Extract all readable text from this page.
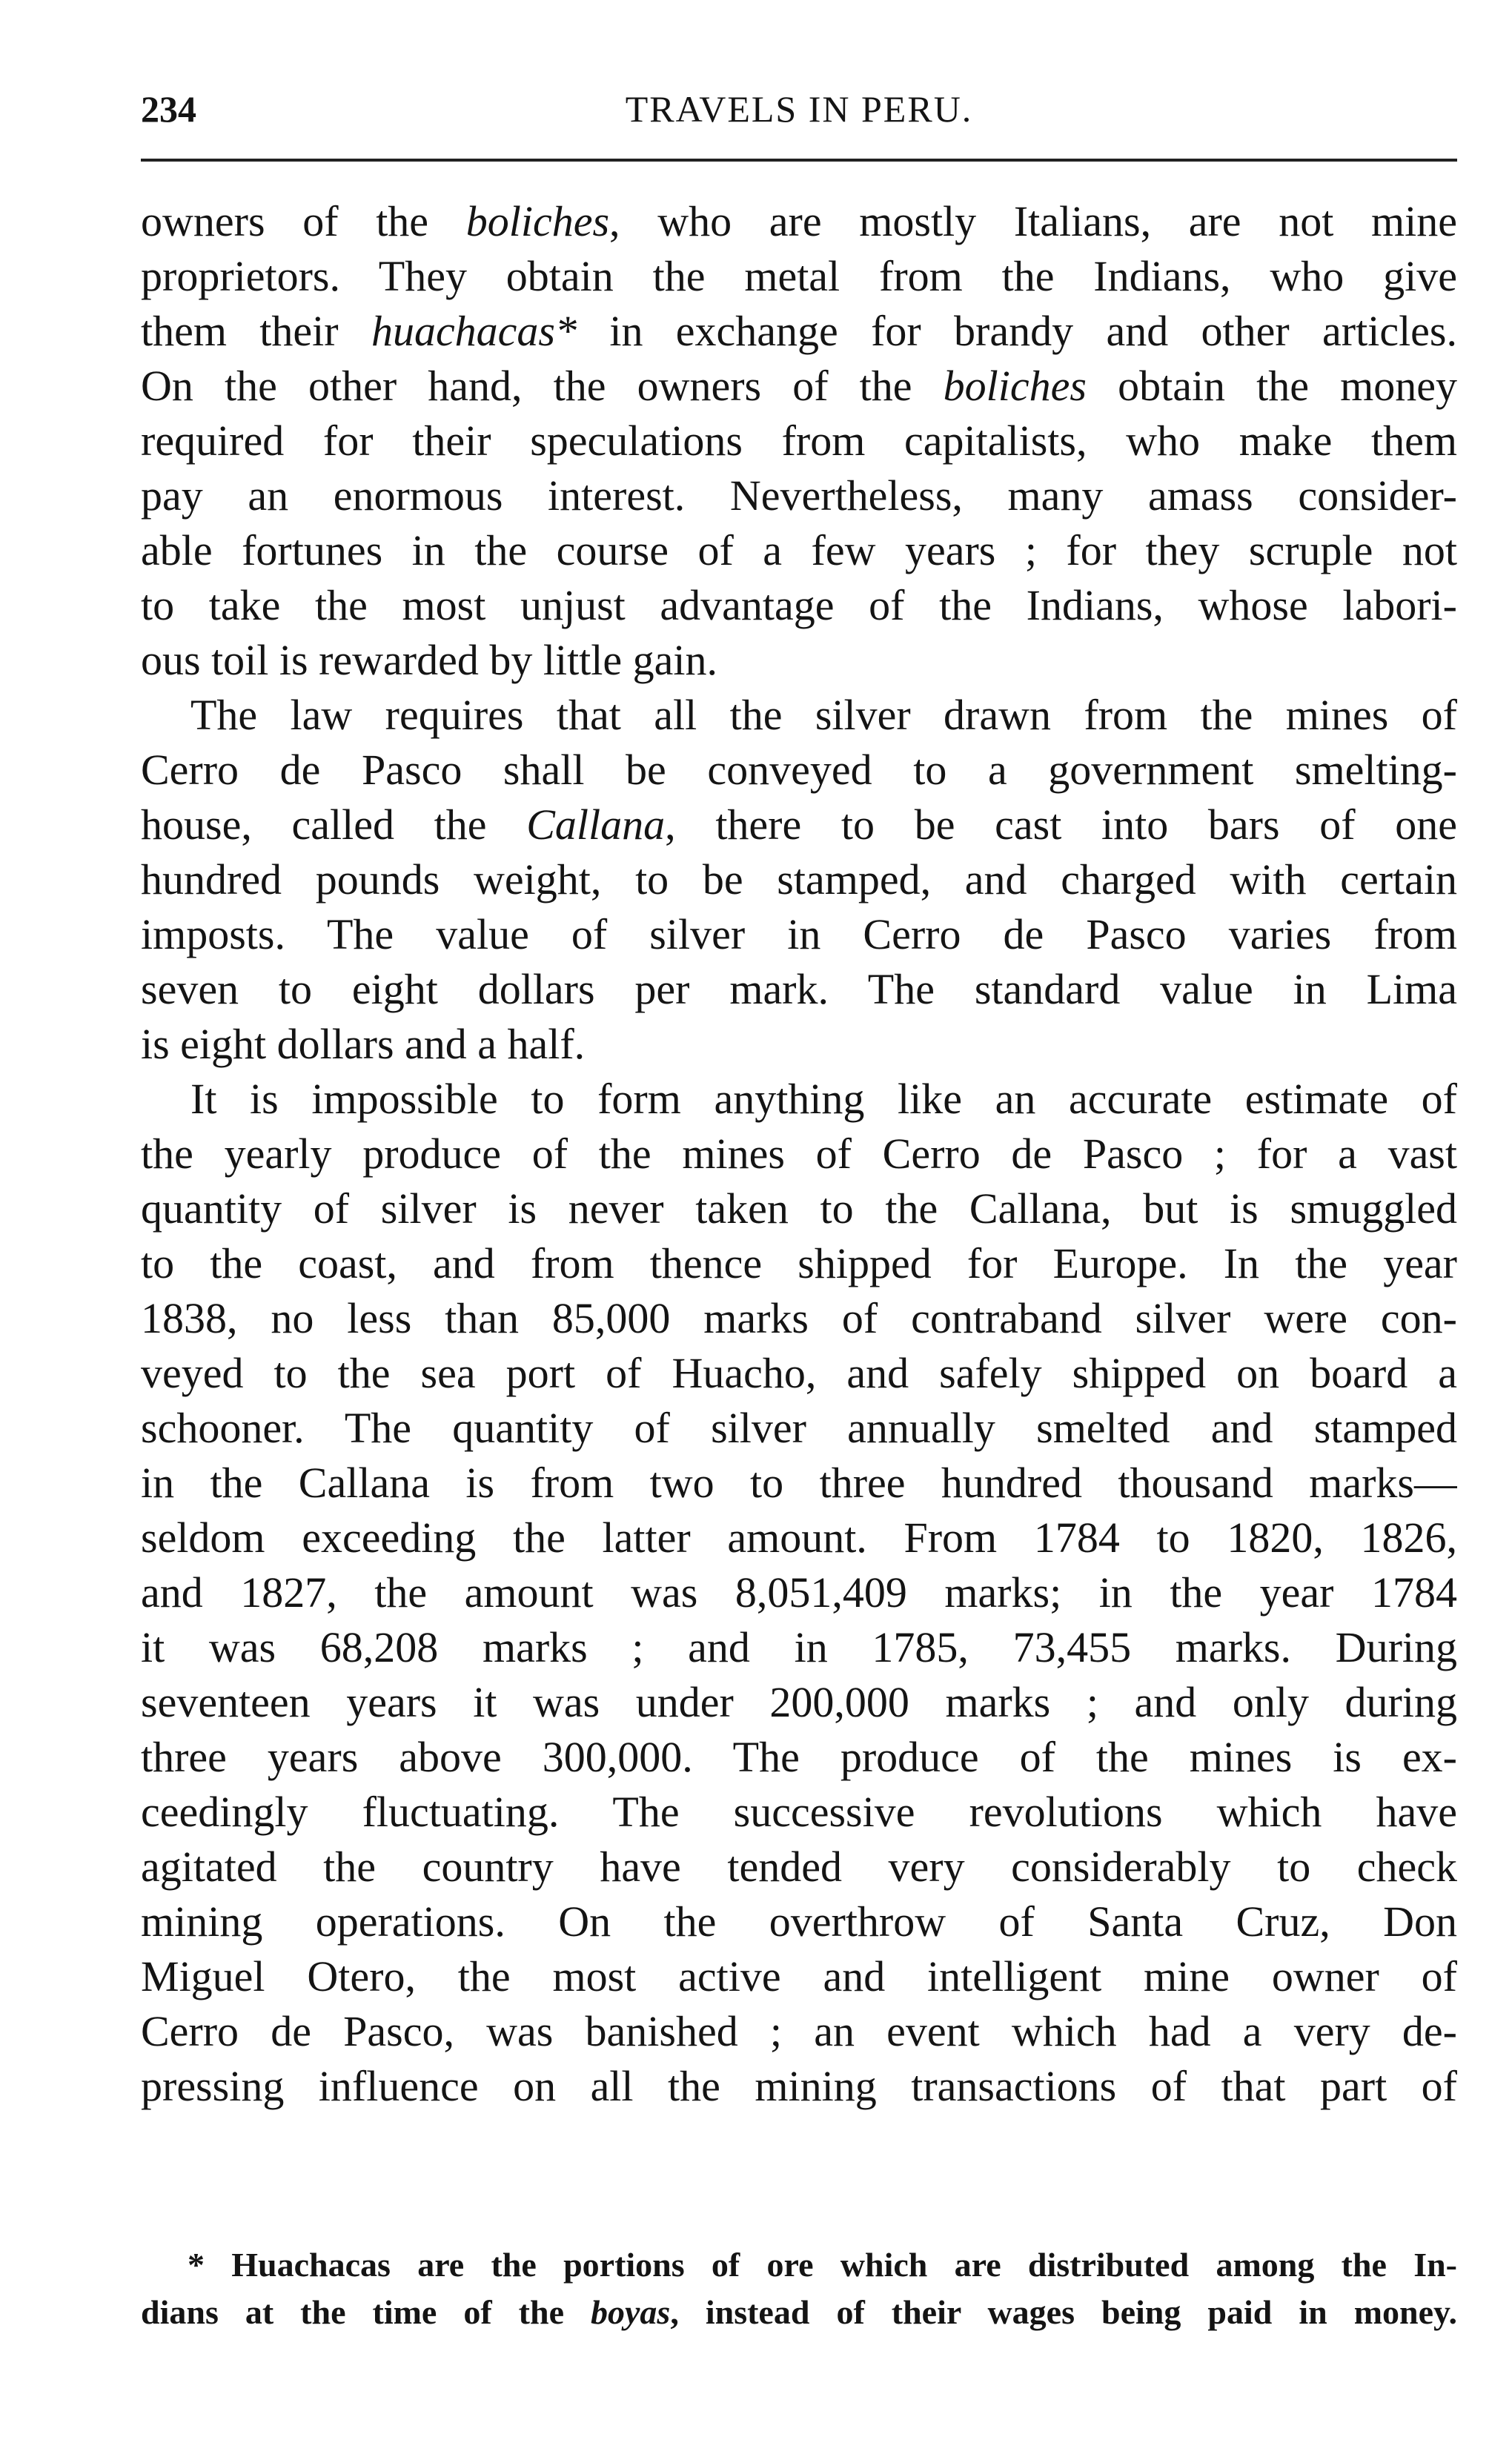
234	TRAVELS IN PERU.
owners of the boliches, who are mostly Italians, are not mine
proprietors. They obtain the metal from the Indians, who give
them their huachacas* in exchange for brandy and other articles.
On the other hand, the owners of the boliches obtain the money
required for their speculations from capitalists, who make them
pay an enormous interest. Nevertheless, many amass consider-
able fortunes in the course of a few years ; for they scruple not
to take the most unjust advantage of the Indians, whose labori-
ous toil is rewarded by little gain.
The law requires that all the silver drawn from the mines of
Cerro de Pasco shall be conveyed to a government smelting-
house, called the Callana, there to be cast into bars of one
hundred pounds weight, to be stamped, and charged with certain
imposts. The value of silver in Cerro de Pasco varies from
seven to eight dollars per mark. The standard value in Lima
is eight dollars and a half.
It is impossible to form anything like an accurate estimate of
the yearly produce of the mines of Cerro de Pasco ; for a vast
quantity of silver is never taken to the Callana, but is smuggled
to the coast, and from thence shipped for Europe. In the year
1838, no less than 85,000 marks of contraband silver were con-
veyed to the sea port of Huacho, and safely shipped on board a
schooner. The quantity of silver annually smelted and stamped
in the Callana is from two to three hundred thousand marks—
seldom exceeding the latter amount. From 1784 to 1820, 1826,
and 1827, the amount was 8,051,409 marks; in the year 1784
it was 68,208 marks ; and in 1785, 73,455 marks. During
seventeen years it was under 200,000 marks ; and only during
three years above 300,000. The produce of the mines is ex-
ceedingly fluctuating. The successive revolutions which have
agitated the country have tended very considerably to check
mining operations. On the overthrow of Santa Cruz, Don
Miguel Otero, the most active and intelligent mine owner of
Cerro de Pasco, was banished ; an event which had a very de-
pressing influence on all the mining transactions of that part of
* Huachacas are the portions of ore which are distributed among the In-
dians at the time of the boyas, instead of their wages being paid in money.
